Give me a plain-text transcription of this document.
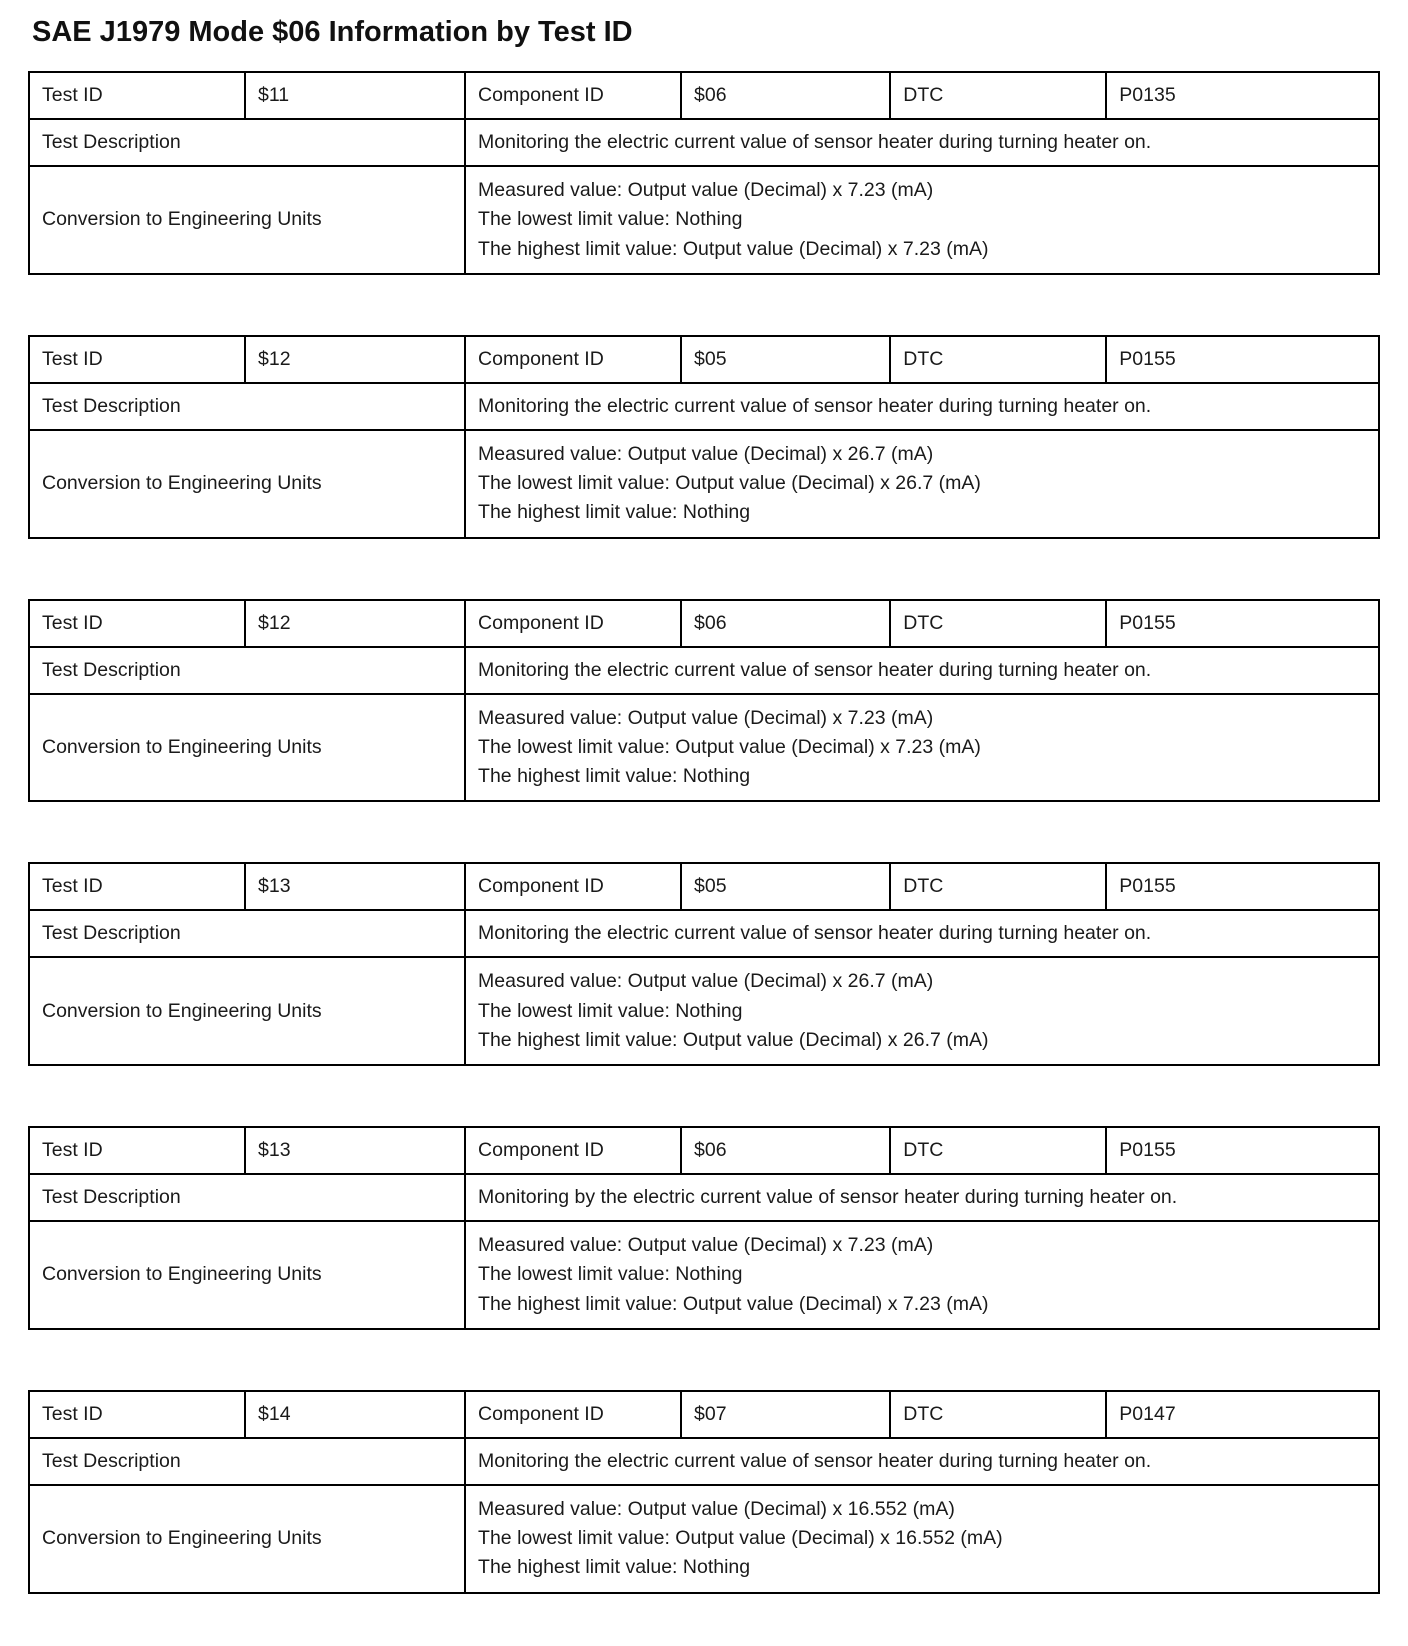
SAE J1979 Mode $06 Information by Test ID
Test ID	$11	Component ID	$06	DTC	P0135
Test Description		Monitoring the electric current value of sensor heater during turning heater on.			
Conversion to Engineering Units		Measured value: Output value (Decimal) x 7.23 (mA)
The lowest limit value: Nothing
The highest limit value: Output value (Decimal) x 7.23 (mA)			
Test ID	$12	Component ID	$05	DTC	P0155
Test Description		Monitoring the electric current value of sensor heater during turning heater on.			
Conversion to Engineering Units		Measured value: Output value (Decimal) x 26.7 (mA)
The lowest limit value: Output value (Decimal) x 26.7 (mA)
The highest limit value: Nothing			
Test ID	$12	Component ID	$06	DTC	P0155
Test Description		Monitoring the electric current value of sensor heater during turning heater on.			
Conversion to Engineering Units		Measured value: Output value (Decimal) x 7.23 (mA)
The lowest limit value: Output value (Decimal) x 7.23 (mA)
The highest limit value: Nothing			
Test ID	$13	Component ID	$05	DTC	P0155
Test Description		Monitoring the electric current value of sensor heater during turning heater on.			
Conversion to Engineering Units		Measured value: Output value (Decimal) x 26.7 (mA)
The lowest limit value: Nothing
The highest limit value: Output value (Decimal) x 26.7 (mA)			
Test ID	$13	Component ID	$06	DTC	P0155
Test Description		Monitoring by the electric current value of sensor heater during turning heater on.			
Conversion to Engineering Units		Measured value: Output value (Decimal) x 7.23 (mA)
The lowest limit value: Nothing
The highest limit value: Output value (Decimal) x 7.23 (mA)			
Test ID	$14	Component ID	$07	DTC	P0147
Test Description		Monitoring the electric current value of sensor heater during turning heater on.			
Conversion to Engineering Units		Measured value: Output value (Decimal) x 16.552 (mA)
The lowest limit value: Output value (Decimal) x 16.552 (mA)
The highest limit value: Nothing			
